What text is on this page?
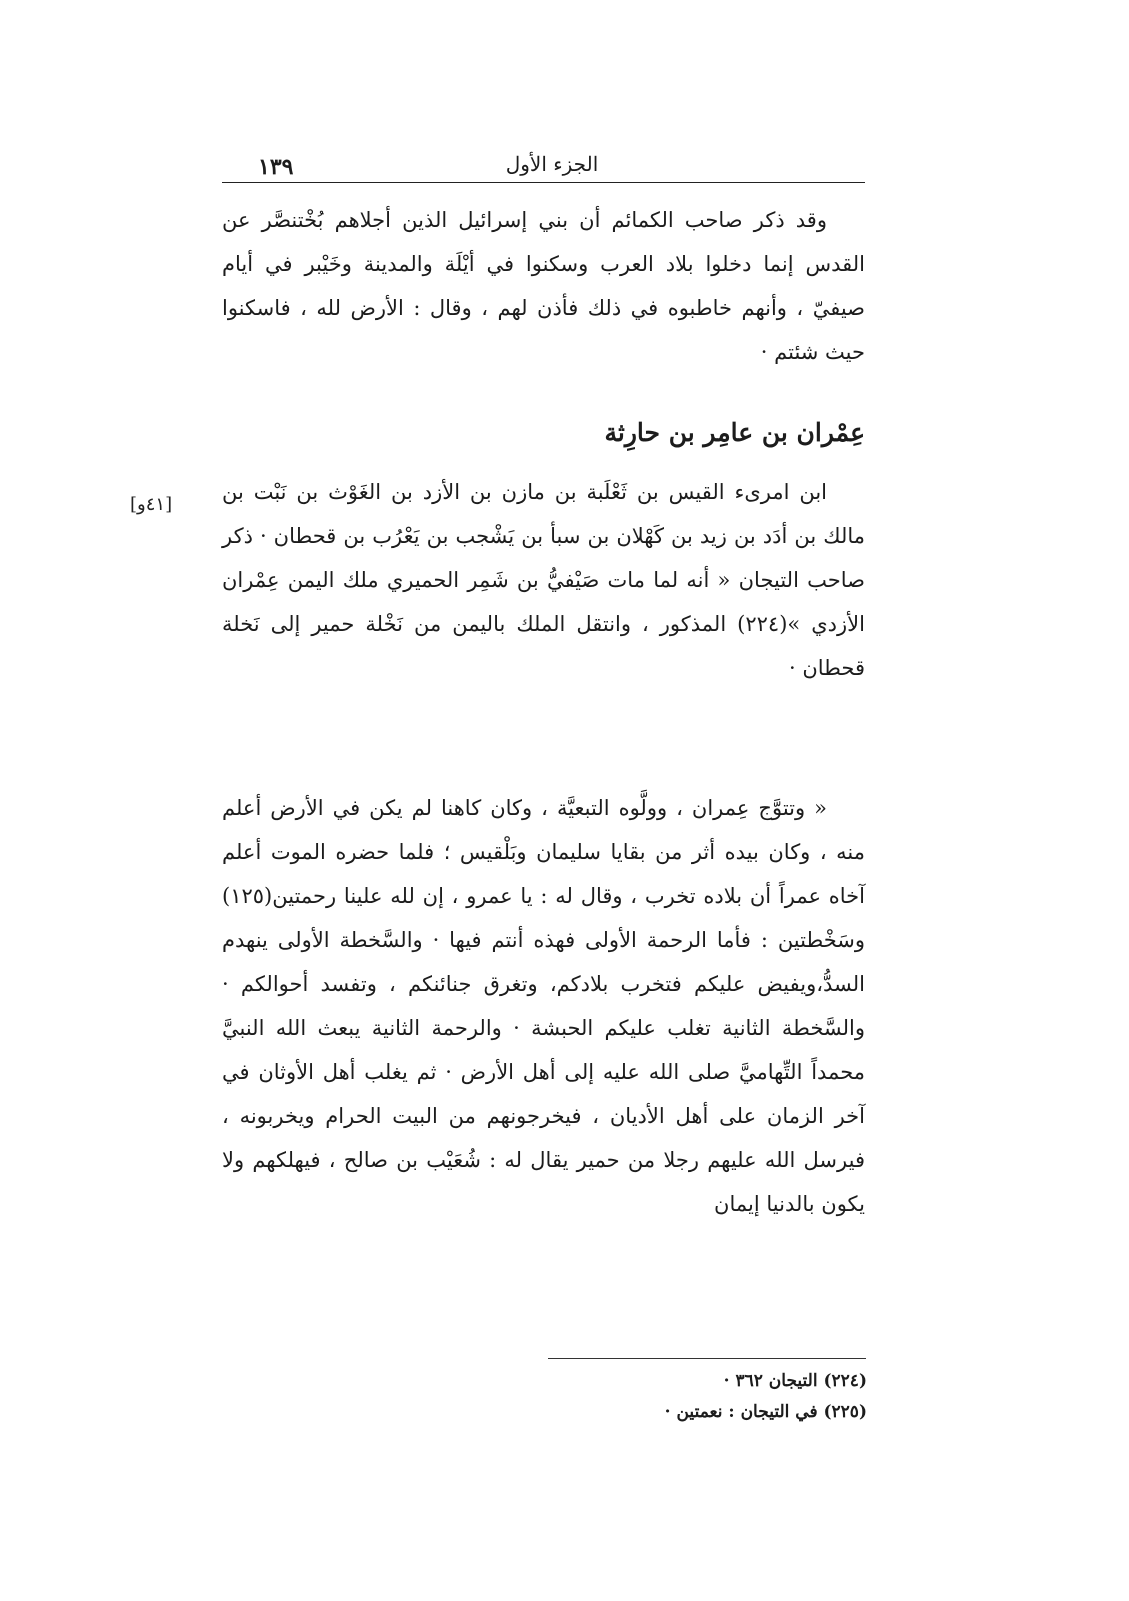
١٣٩	الجزء الأول

وقد ذكر صاحب الكمائم أن بني إسرائيل الذين أجلاهم بُخْتنصَّر عن القدس إنما دخلوا بلاد العرب وسكنوا في أيْلَة والمدينة وخَيْبر في أيام صيفيّ ، وأنهم خاطبوه في ذلك فأذن لهم ، وقال : الأرض لله ، فاسكنوا حيث شئتم ·

عِمْران بن عامِر بن حارِثة

ابن امرىء القيس بن ثَعْلَبة بن مازن بن الأزد بن الغَوْث بن نَبْت بن مالك بن أدَد بن زيد بن كَهْلان بن سبأ بن يَشْجب بن يَعْرُب بن قحطان · ذكر صاحب التيجان « أنه لما مات صَيْفيُّ بن شَمِر الحميري ملك اليمن عِمْران الأزدي »(٢٢٤) المذكور ، وانتقل الملك باليمن من نَخْلة حمير إلى نَخلة قحطان ·

« وتتوَّج عِمران ، وولَّوه التبعيَّة ، وكان كاهنا لم يكن في الأرض أعلم منه ، وكان بيده أثر من بقايا سليمان وبَلْقيس ؛ فلما حضره الموت أعلم آخاه عمراً أن بلاده تخرب ، وقال له : يا عمرو ، إن لله علينا رحمتين(١٢٥) وسَخْطتين : فأما الرحمة الأولى فهذه أنتم فيها · والسَّخطة الأولى ينهدم السدُّ،ويفيض عليكم فتخرب بلادكم، وتغرق جنائنكم ، وتفسد أحوالكم · والسَّخطة الثانية تغلب عليكم الحبشة · والرحمة الثانية يبعث الله النبيَّ محمداً التِّهاميَّ صلى الله عليه إلى أهل الأرض · ثم يغلب أهل الأوثان في آخر الزمان على أهل الأديان ، فيخرجونهم من البيت الحرام ويخربونه ، فيرسل الله عليهم رجلا من حمير يقال له : شُعَيْب بن صالح ، فيهلكهم ولا يكون بالدنيا إيمان

(٢٢٤) التيجان ٣٦٢ ·
(٢٢٥) في التيجان : نعمتين ·
[٤١و]
